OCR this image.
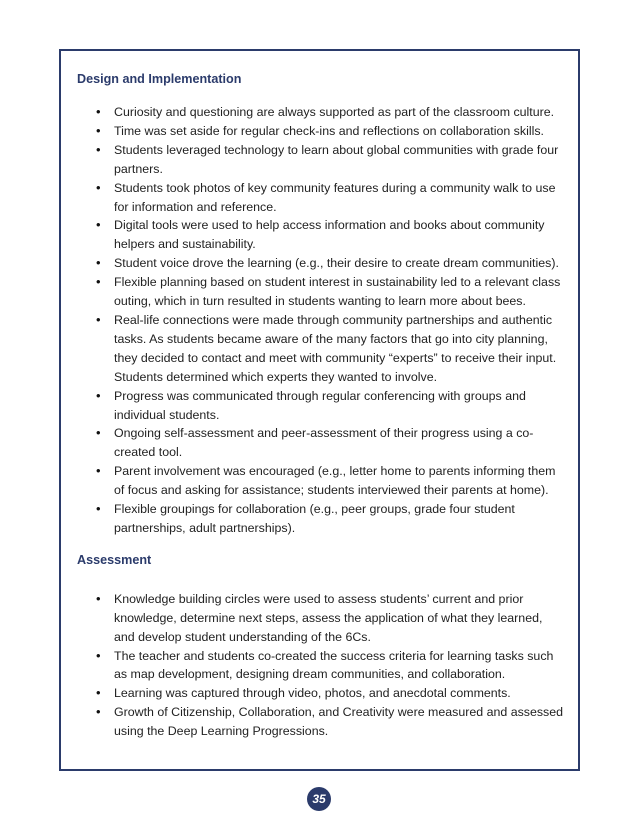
Design and Implementation
• Curiosity and questioning are always supported as part of the classroom culture.
• Time was set aside for regular check-ins and reflections on collaboration skills.
• Students leveraged technology to learn about global communities with grade four partners.
• Students took photos of key community features during a community walk to use for information and reference.
• Digital tools were used to help access information and books about community helpers and sustainability.
• Student voice drove the learning (e.g., their desire to create dream communities).
• Flexible planning based on student interest in sustainability led to a relevant class outing, which in turn resulted in students wanting to learn more about bees.
• Real-life connections were made through community partnerships and authentic tasks. As students became aware of the many factors that go into city planning, they decided to contact and meet with community “experts” to receive their input. Students determined which experts they wanted to involve.
• Progress was communicated through regular conferencing with groups and individual students.
• Ongoing self-assessment and peer-assessment of their progress using a co-created tool.
• Parent involvement was encouraged (e.g., letter home to parents informing them of focus and asking for assistance; students interviewed their parents at home).
• Flexible groupings for collaboration (e.g., peer groups, grade four student partnerships, adult partnerships).
Assessment
• Knowledge building circles were used to assess students’ current and prior knowledge, determine next steps, assess the application of what they learned, and develop student understanding of the 6Cs.
• The teacher and students co-created the success criteria for learning tasks such as map development, designing dream communities, and collaboration.
• Learning was captured through video, photos, and anecdotal comments.
• Growth of Citizenship, Collaboration, and Creativity were measured and assessed using the Deep Learning Progressions.
35
